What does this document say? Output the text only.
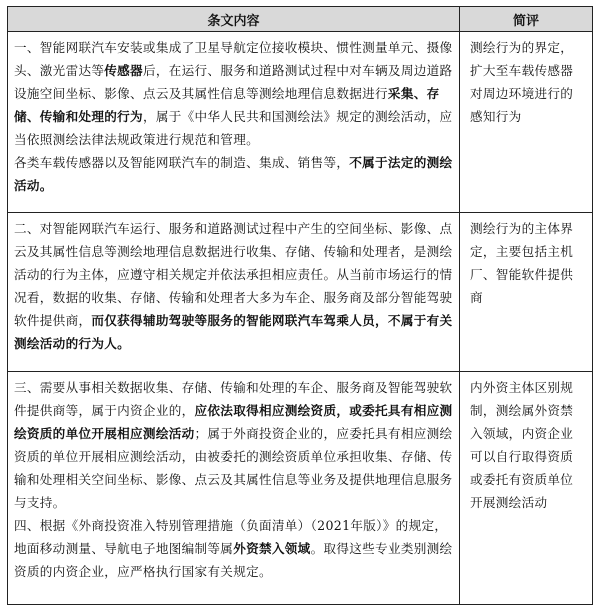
条文内容	简评

一、智能网联汽车安装或集成了卫星导航定位接收模块、惯性测量单元、摄像头、激光雷达等传感器后，在运行、服务和道路测试过程中对车辆及周边道路设施空间坐标、影像、点云及其属性信息等测绘地理信息数据进行采集、存储、传输和处理的行为，属于《中华人民共和国测绘法》规定的测绘活动，应当依照测绘法律法规政策进行规范和管理。

各类车载传感器以及智能网联汽车的制造、集成、销售等，不属于法定的测绘活动。	测绘行为的界定，扩大至车载传感器对周边环境进行的感知行为

二、对智能网联汽车运行、服务和道路测试过程中产生的空间坐标、影像、点云及其属性信息等测绘地理信息数据进行收集、存储、传输和处理者，是测绘活动的行为主体，应遵守相关规定并依法承担相应责任。从当前市场运行的情况看，数据的收集、存储、传输和处理者大多为车企、服务商及部分智能驾驶软件提供商，而仅获得辅助驾驶等服务的智能网联汽车驾乘人员，不属于有关测绘活动的行为人。	测绘行为的主体界定，主要包括主机厂、智能软件提供商

三、需要从事相关数据收集、存储、传输和处理的车企、服务商及智能驾驶软件提供商等，属于内资企业的，应依法取得相应测绘资质，或委托具有相应测绘资质的单位开展相应测绘活动；属于外商投资企业的，应委托具有相应测绘资质的单位开展相应测绘活动，由被委托的测绘资质单位承担收集、存储、传输和处理相关空间坐标、影像、点云及其属性信息等业务及提供地理信息服务与支持。

四、根据《外商投资准入特别管理措施（负面清单）（2021年版）》的规定，地面移动测量、导航电子地图编制等属外资禁入领域。取得这些专业类别测绘资质的内资企业，应严格执行国家有关规定。	内外资主体区别规制，测绘属外资禁入领域，内资企业可以自行取得资质或委托有资质单位开展测绘活动
